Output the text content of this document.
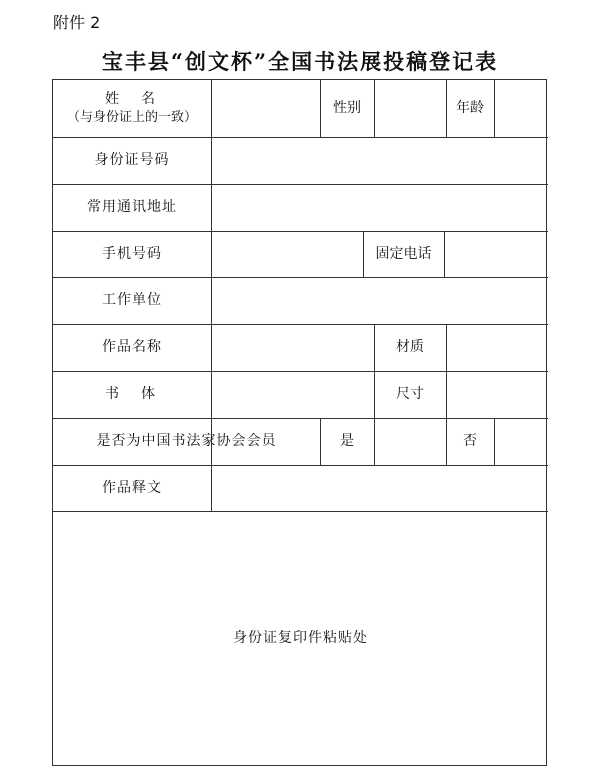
附件 2
宝丰县“创文杯”全国书法展投稿登记表
姓　名
（与身份证上的一致）
性别	年龄
身份证号码
常用通讯地址
手机号码	固定电话
工作单位
作品名称	材质
书　体	尺寸
是否为中国书法家协会会员	是	否
作品释文
身份证复印件粘贴处
